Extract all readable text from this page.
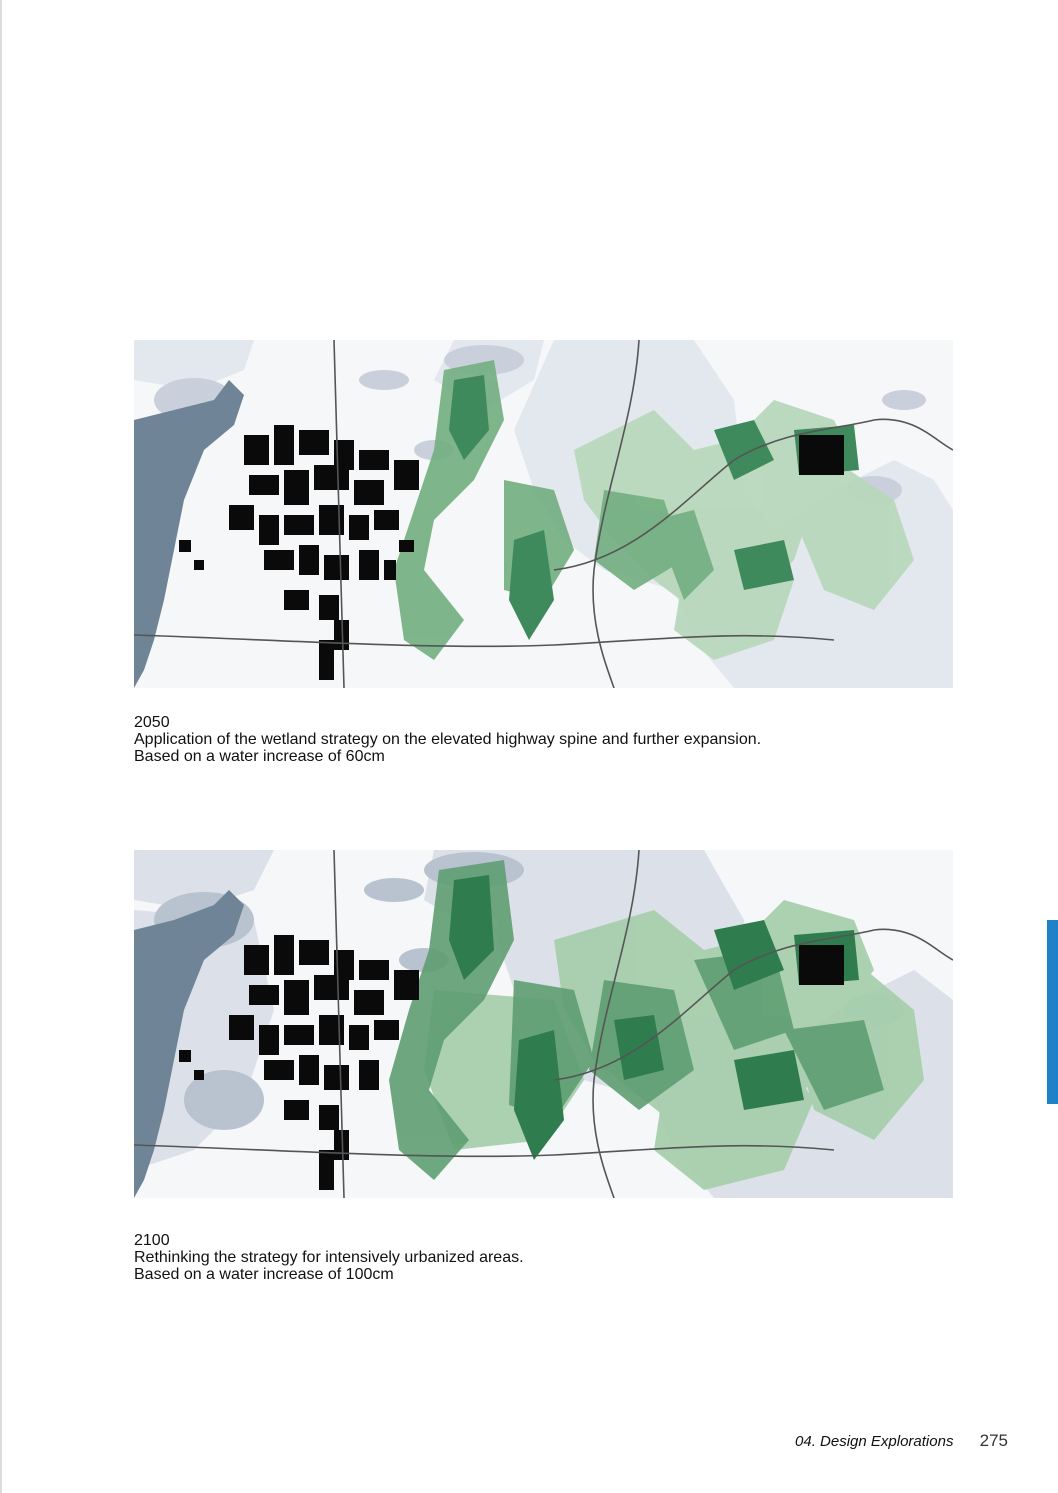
2050
Application of the wetland strategy on the elevated highway spine and further expansion.
Based on a water increase of 60cm
2100
Rethinking the strategy for intensively urbanized areas.
Based on a water increase of 100cm
04. Design Explorations 275
